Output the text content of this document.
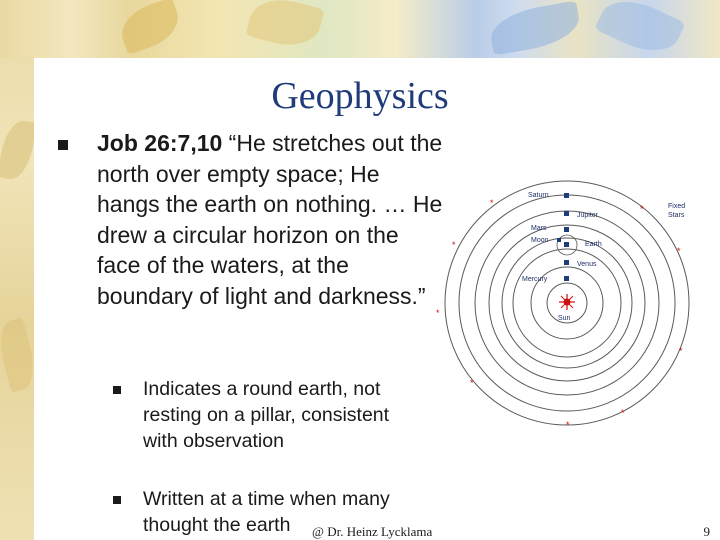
Geophysics
Job 26:7,10 “He stretches out the north over empty space; He hangs the earth on nothing. … He drew a circular horizon on the face of the waters, at the boundary of light and darkness.”
Indicates a round earth, not resting on a pillar, consistent with observation
Written at a time when many thought the earth	@ Dr. Heinz Lycklama	9
*
*
*
*
*
*
*
*
*
Saturn
Jupiter
Mars
Moon
Earth
Venus
Mercury
Sun
Fixed
Stars
